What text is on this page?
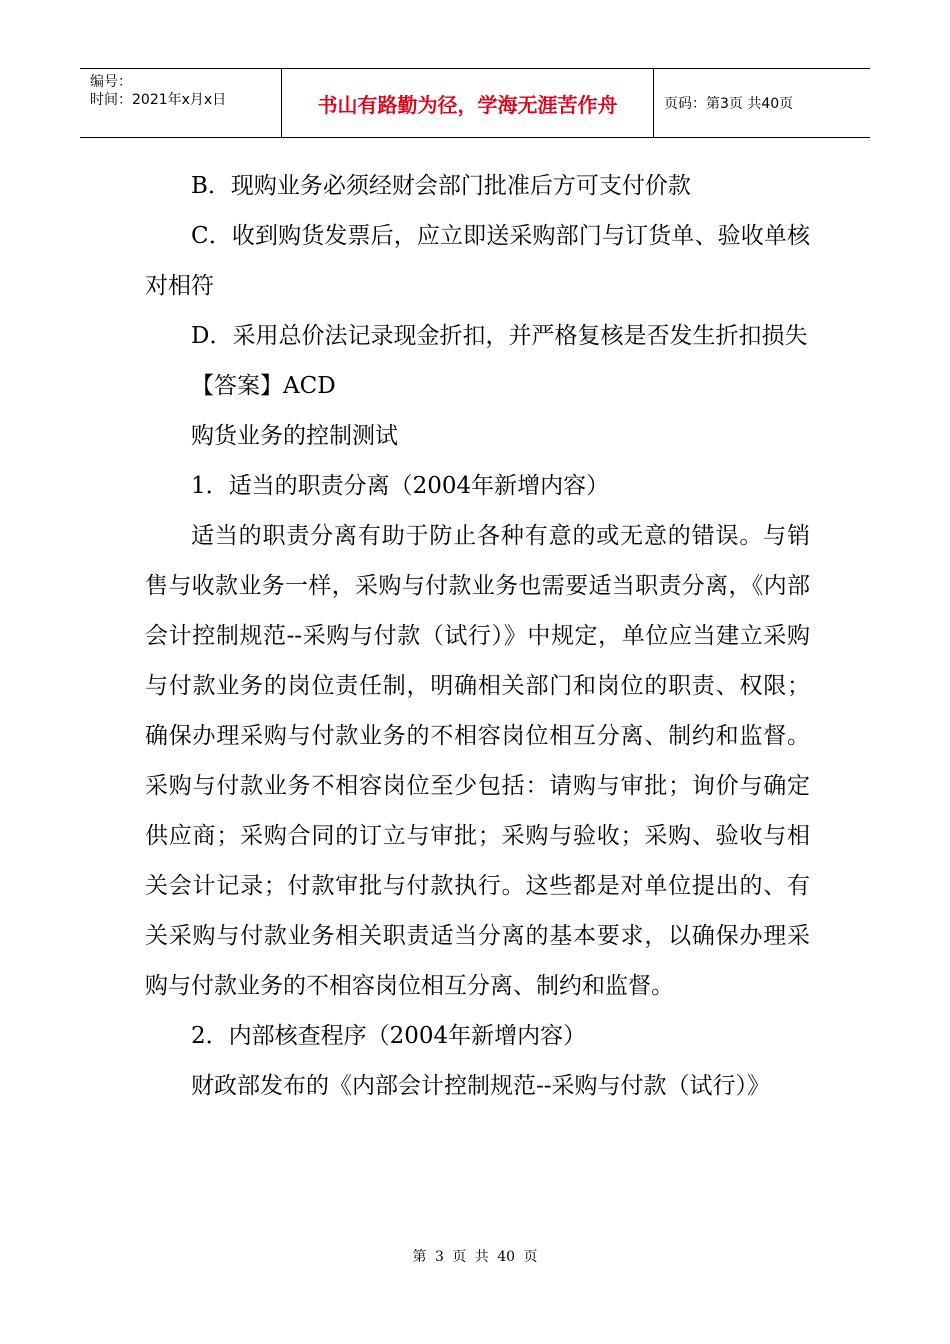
编号：
时间：2021年x月x日	书山有路勤为径，学海无涯苦作舟	页码：第3页 共40页

B．现购业务必须经财会部门批准后方可支付价款

C．收到购货发票后，应立即送采购部门与订货单、验收单核对相符

D．采用总价法记录现金折扣，并严格复核是否发生折扣损失

【答案】ACD

购货业务的控制测试

1．适当的职责分离（2004年新增内容）

适当的职责分离有助于防止各种有意的或无意的错误。与销售与收款业务一样，采购与付款业务也需要适当职责分离，《内部会计控制规范--采购与付款（试行）》中规定，单位应当建立采购与付款业务的岗位责任制，明确相关部门和岗位的职责、权限；确保办理采购与付款业务的不相容岗位相互分离、制约和监督。采购与付款业务不相容岗位至少包括：请购与审批；询价与确定供应商；采购合同的订立与审批；采购与验收；采购、验收与相关会计记录；付款审批与付款执行。这些都是对单位提出的、有关采购与付款业务相关职责适当分离的基本要求，以确保办理采购与付款业务的不相容岗位相互分离、制约和监督。

2．内部核查程序（2004年新增内容）

财政部发布的《内部会计控制规范--采购与付款（试行）》

第 3 页 共 40 页
